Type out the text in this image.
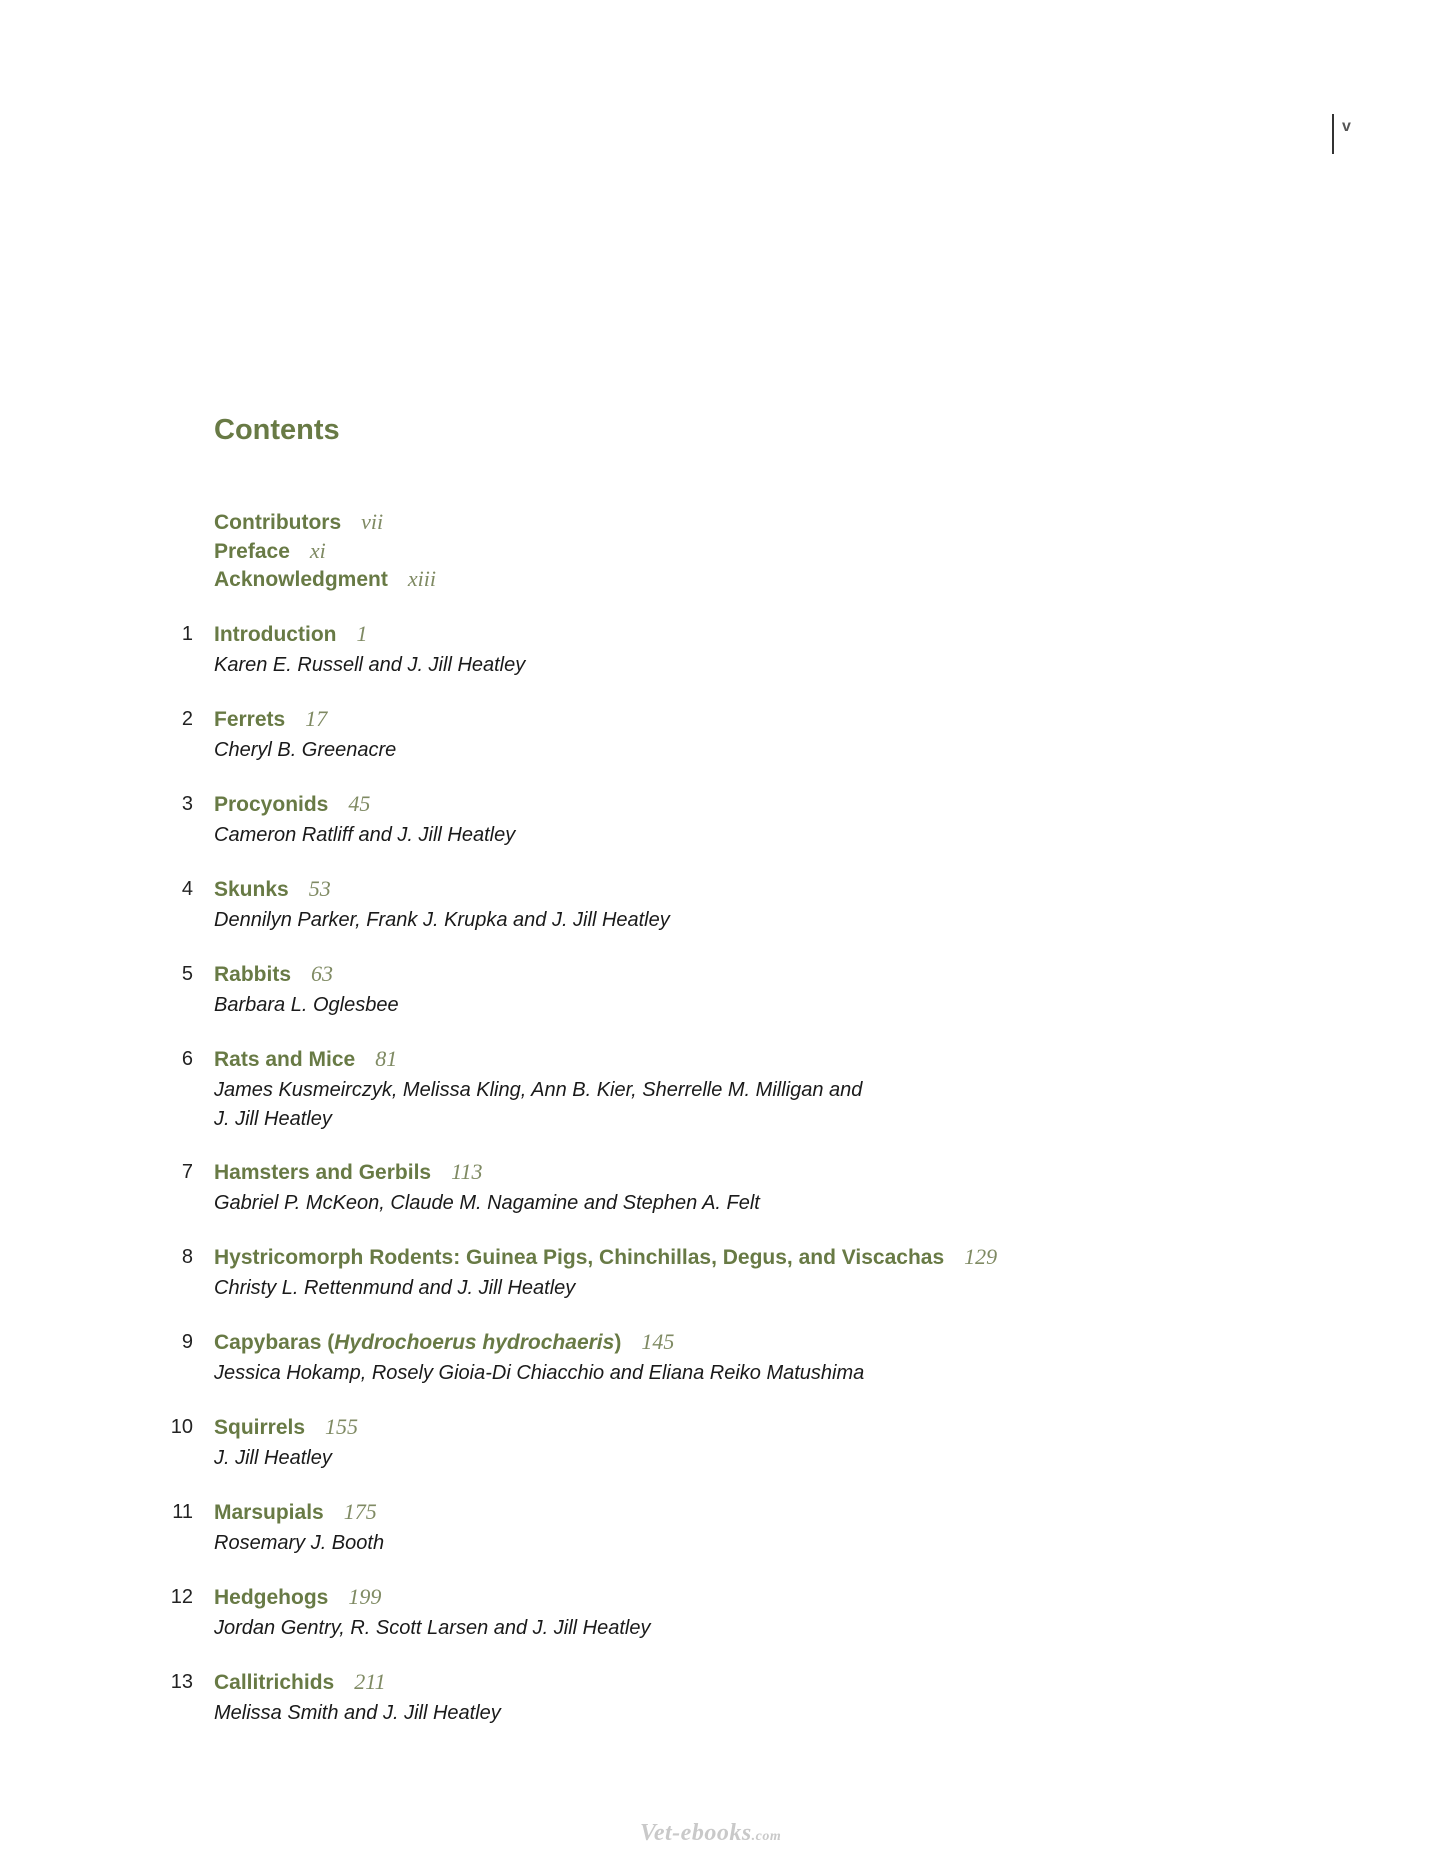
v
Contents
Contributors vii
Preface xi
Acknowledgment xiii
1 Introduction 1
Karen E. Russell and J. Jill Heatley
2 Ferrets 17
Cheryl B. Greenacre
3 Procyonids 45
Cameron Ratliff and J. Jill Heatley
4 Skunks 53
Dennilyn Parker, Frank J. Krupka and J. Jill Heatley
5 Rabbits 63
Barbara L. Oglesbee
6 Rats and Mice 81
James Kusmeirczyk, Melissa Kling, Ann B. Kier, Sherrelle M. Milligan and
J. Jill Heatley
7 Hamsters and Gerbils 113
Gabriel P. McKeon, Claude M. Nagamine and Stephen A. Felt
8 Hystricomorph Rodents: Guinea Pigs, Chinchillas, Degus, and Viscachas 129
Christy L. Rettenmund and J. Jill Heatley
9 Capybaras (Hydrochoerus hydrochaeris) 145
Jessica Hokamp, Rosely Gioia-Di Chiacchio and Eliana Reiko Matushima
10 Squirrels 155
J. Jill Heatley
11 Marsupials 175
Rosemary J. Booth
12 Hedgehogs 199
Jordan Gentry, R. Scott Larsen and J. Jill Heatley
13 Callitrichids 211
Melissa Smith and J. Jill Heatley
Vet-ebooks.com
